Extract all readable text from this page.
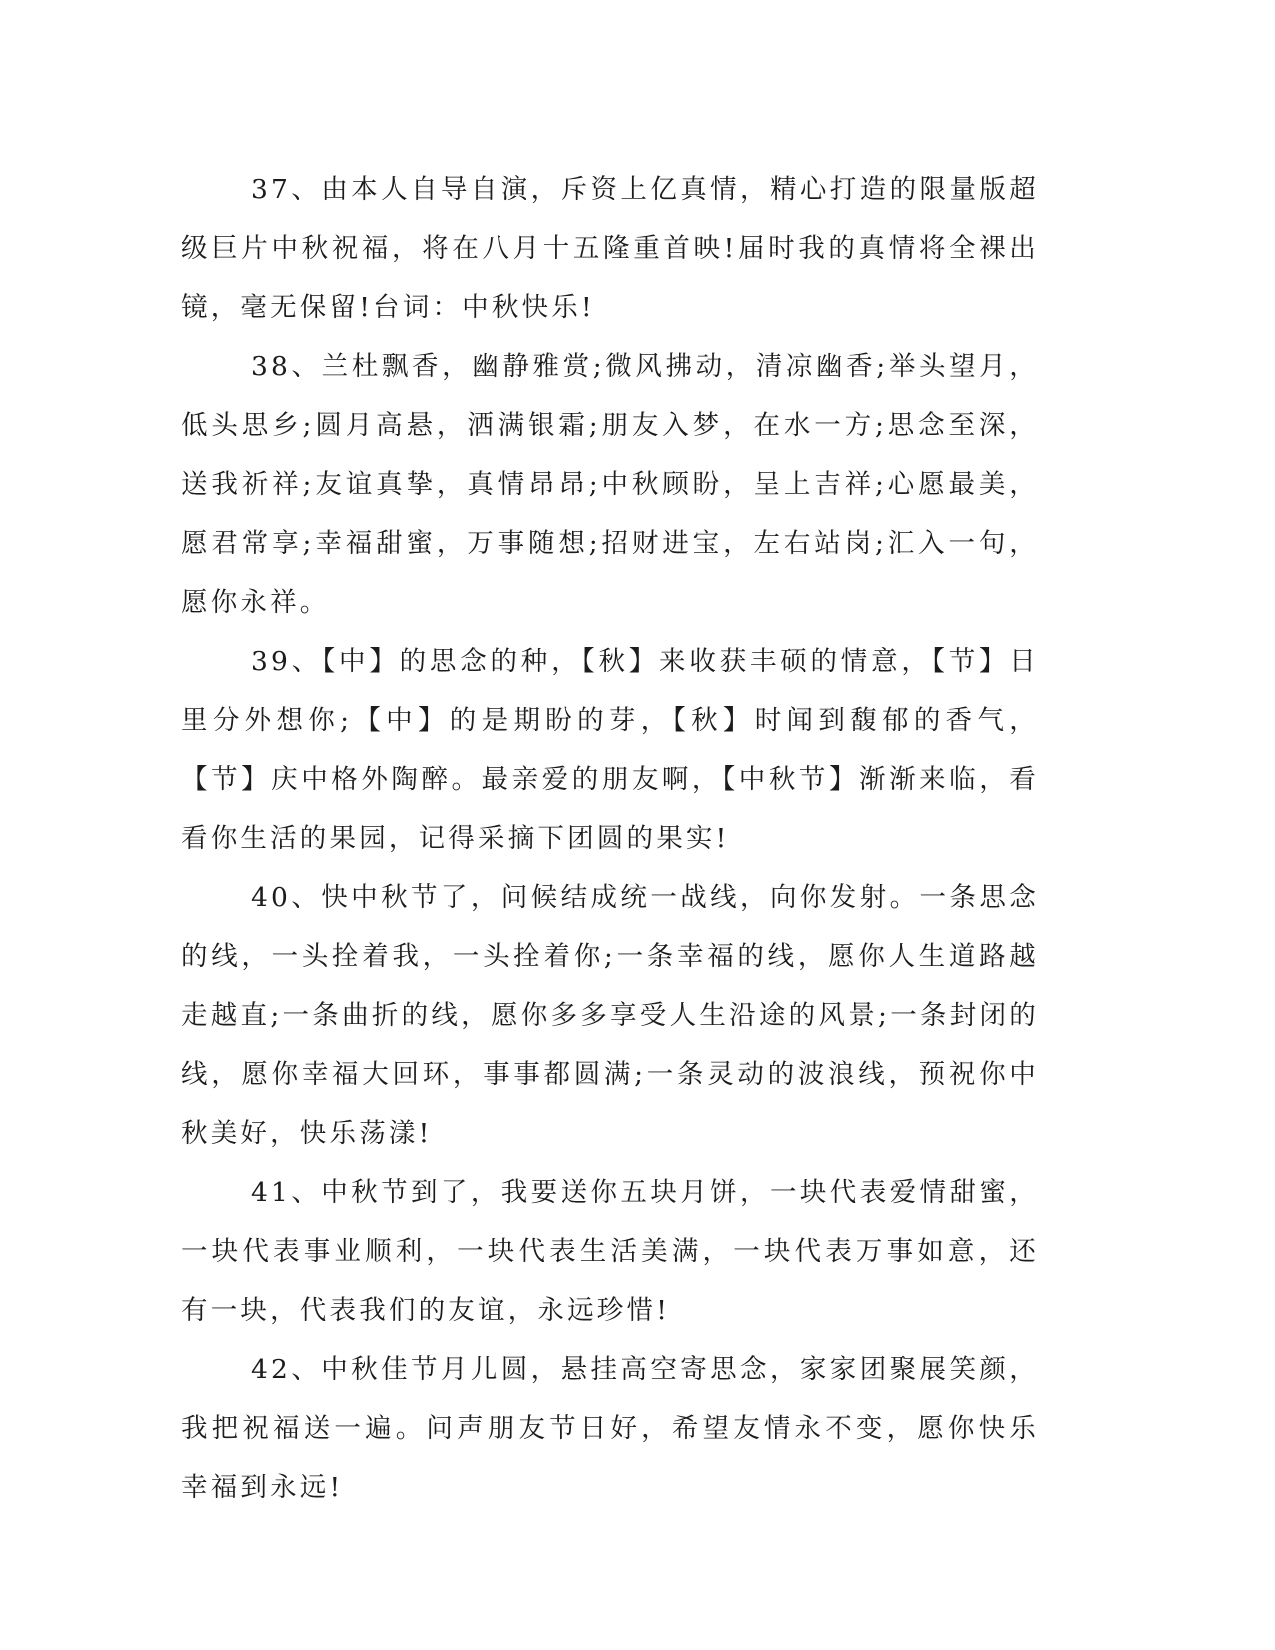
37、由本人自导自演，斥资上亿真情，精心打造的限量版超级巨片中秋祝福，将在八月十五隆重首映!届时我的真情将全裸出镜，毫无保留!台词：中秋快乐!

38、兰杜飘香，幽静雅赏;微风拂动，清凉幽香;举头望月，低头思乡;圆月高悬，洒满银霜;朋友入梦，在水一方;思念至深，送我祈祥;友谊真挚，真情昂昂;中秋顾盼，呈上吉祥;心愿最美，愿君常享;幸福甜蜜，万事随想;招财进宝，左右站岗;汇入一句，愿你永祥。

39、【中】的思念的种，【秋】来收获丰硕的情意，【节】日里分外想你;【中】的是期盼的芽，【秋】时闻到馥郁的香气，【节】庆中格外陶醉。最亲爱的朋友啊，【中秋节】渐渐来临，看看你生活的果园，记得采摘下团圆的果实!

40、快中秋节了，问候结成统一战线，向你发射。一条思念的线，一头拴着我，一头拴着你;一条幸福的线，愿你人生道路越走越直;一条曲折的线，愿你多多享受人生沿途的风景;一条封闭的线，愿你幸福大回环，事事都圆满;一条灵动的波浪线，预祝你中秋美好，快乐荡漾!

41、中秋节到了，我要送你五块月饼，一块代表爱情甜蜜，一块代表事业顺利，一块代表生活美满，一块代表万事如意，还有一块，代表我们的友谊，永远珍惜!

42、中秋佳节月儿圆，悬挂高空寄思念，家家团聚展笑颜，我把祝福送一遍。问声朋友节日好，希望友情永不变，愿你快乐幸福到永远!
